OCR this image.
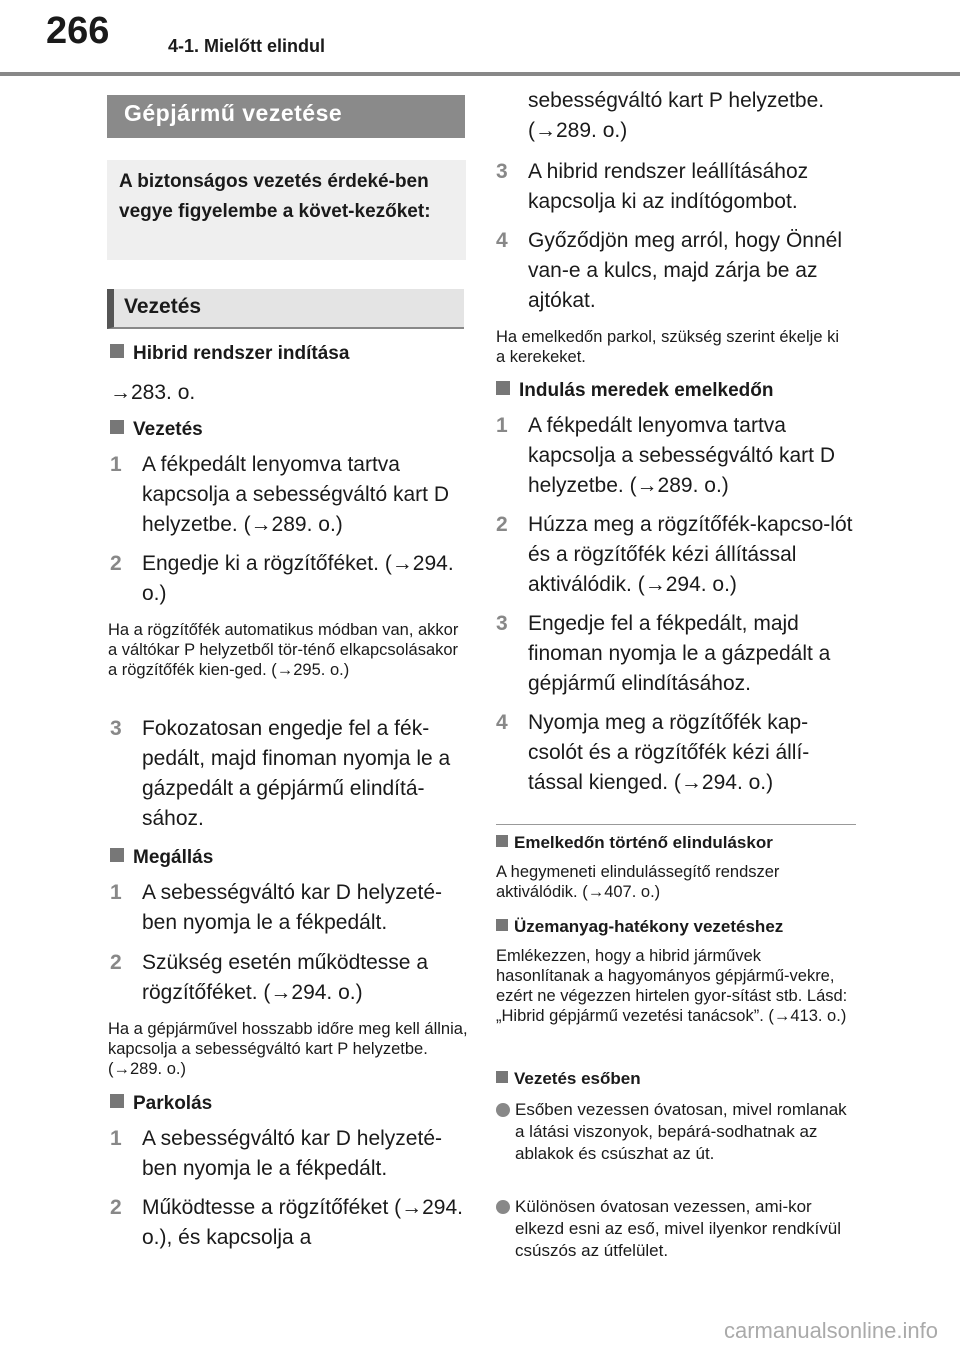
266	4-1. Mielőtt elindul
Gépjármű vezetése
A biztonságos vezetés érdeké-ben vegye figyelembe a követ-kezőket:
Vezetés
Hibrid rendszer indítása
→283. o.
Vezetés
1 A fékpedált lenyomva tartva kapcsolja a sebességváltó kart D helyzetbe. (→289. o.)
2 Engedje ki a rögzítőféket. (→294. o.)
Ha a rögzítőfék automatikus módban van, akkor a váltókar P helyzetből tör-ténő elkapcsolásakor a rögzítőfék kien-ged. (→295. o.)
3 Fokozatosan engedje fel a fék-pedált, majd finoman nyomja le a gázpedált a gépjármű elindítá-sához.
Megállás
1 A sebességváltó kar D helyzeté-ben nyomja le a fékpedált.
2 Szükség esetén működtesse a rögzítőféket. (→294. o.)
Ha a gépjárművel hosszabb időre meg kell állnia, kapcsolja a sebességváltó kart P helyzetbe. (→289. o.)
Parkolás
1 A sebességváltó kar D helyzeté-ben nyomja le a fékpedált.
2 Működtesse a rögzítőféket (→294. o.), és kapcsolja a
sebességváltó kart P helyzetbe. (→289. o.)
3 A hibrid rendszer leállításához kapcsolja ki az indítógombot.
4 Győződjön meg arról, hogy Önnél van-e a kulcs, majd zárja be az ajtókat.
Ha emelkedőn parkol, szükség szerint ékelje ki a kerekeket.
Indulás meredek emelkedőn
1 A fékpedált lenyomva tartva kapcsolja a sebességváltó kart D helyzetbe. (→289. o.)
2 Húzza meg a rögzítőfék-kapcso-lót és a rögzítőfék kézi állítással aktiválódik. (→294. o.)
3 Engedje fel a fékpedált, majd finoman nyomja le a gázpedált a gépjármű elindításához.
4 Nyomja meg a rögzítőfék kap-csolót és a rögzítőfék kézi állí-tással kienged. (→294. o.)
Emelkedőn történő elinduláskor
A hegymeneti elindulássegítő rendszer aktiválódik. (→407. o.)
Üzemanyag-hatékony vezetéshez
Emlékezzen, hogy a hibrid járművek hasonlítanak a hagyományos gépjármű-vekre, ezért ne végezzen hirtelen gyor-sítást stb. Lásd: „Hibrid gépjármű vezetési tanácsok”. (→413. o.)
Vezetés esőben
Esőben vezessen óvatosan, mivel romlanak a látási viszonyok, bepárá-sodhatnak az ablakok és csúszhat az út.
Különösen óvatosan vezessen, ami-kor elkezd esni az eső, mivel ilyenkor rendkívül csúszós az útfelület.
carmanualsonline.info
